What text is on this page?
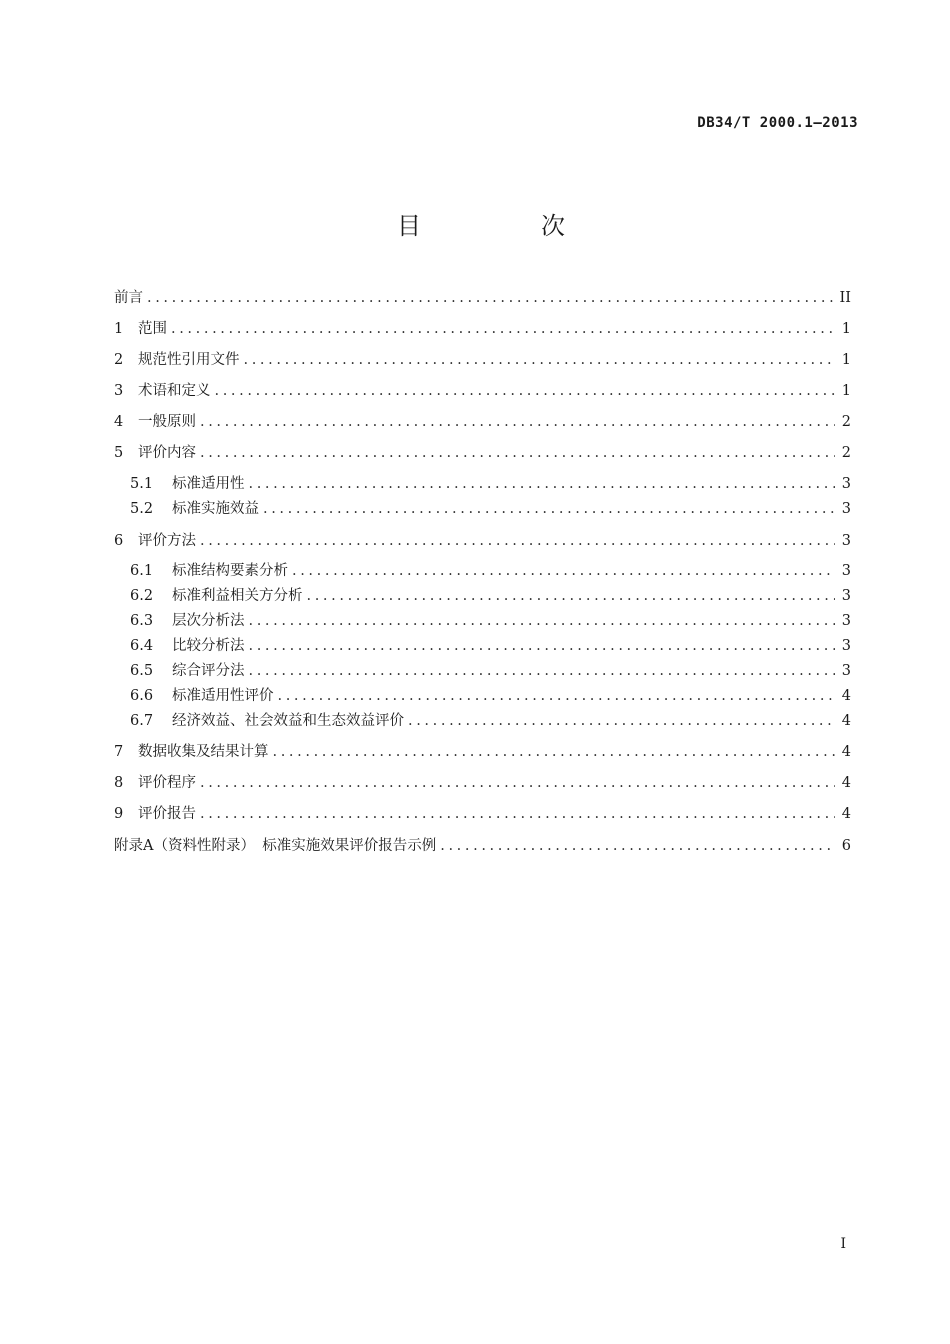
DB34/T 2000.1—2013
目　次
前言 . . .	II
1	范围 . . .	1
2	规范性引用文件 . . .	1
3	术语和定义 . . .	1
4	一般原则 . . .	2
5	评价内容 . . .	2
5.1	标准适用性 . . .	3
5.2	标准实施效益 . . .	3
6	评价方法 . . .	3
6.1	标准结构要素分析 . . .	3
6.2	标准利益相关方分析 . . .	3
6.3	层次分析法 . . .	3
6.4	比较分析法 . . .	3
6.5	综合评分法 . . .	3
6.6	标准适用性评价 . . .	4
6.7	经济效益、社会效益和生态效益评价 . . .	4
7	数据收集及结果计算 . . .	4
8	评价程序 . . .	4
9	评价报告 . . .	4
附录A（资料性附录）　标准实施效果评价报告示例 . . .	6
I
